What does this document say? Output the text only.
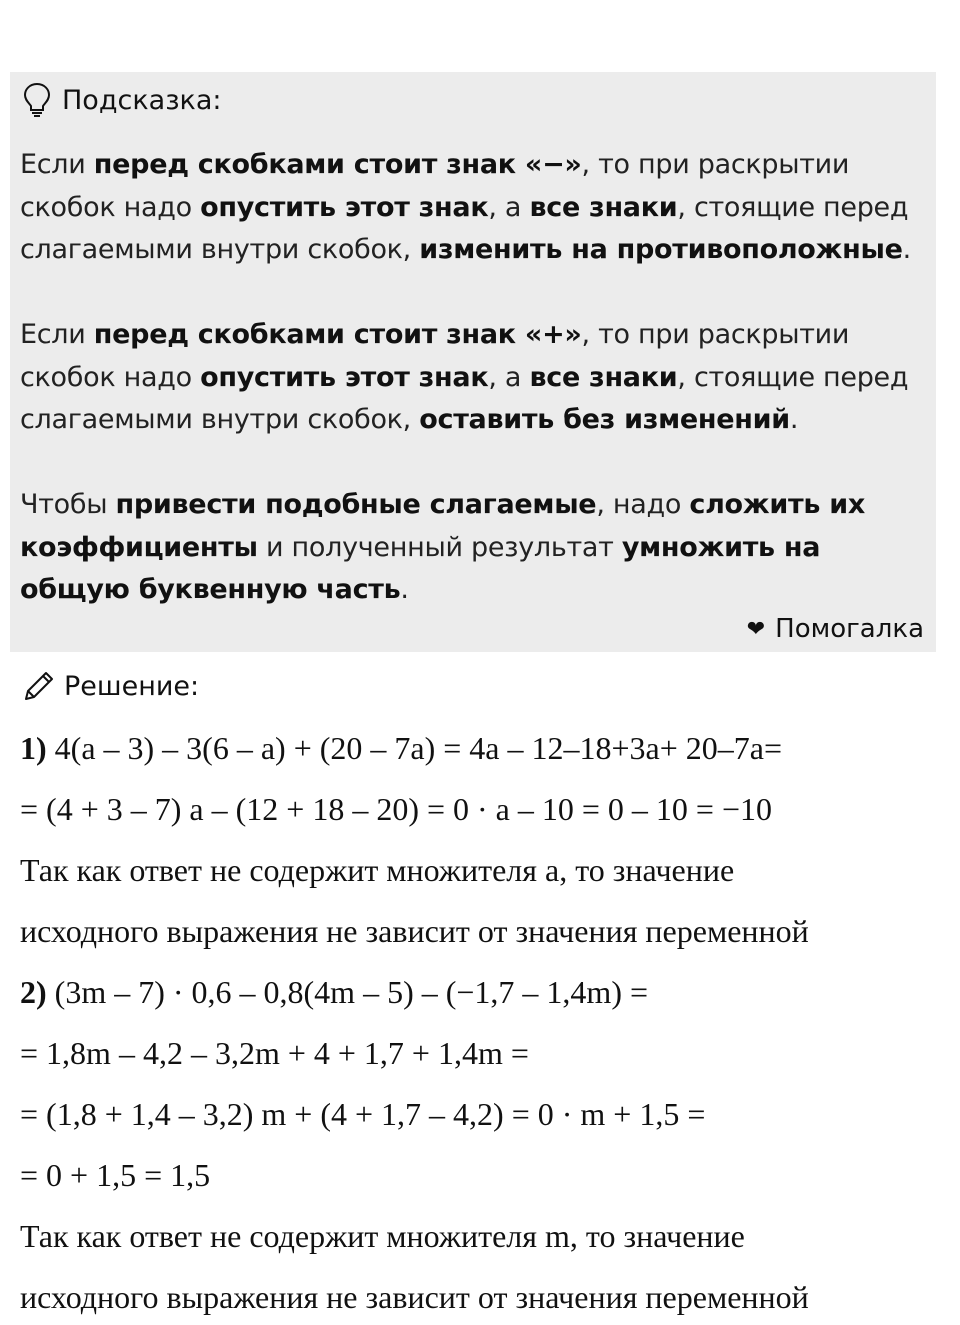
Подсказка:
Если перед скобками стоит знак «−», то при раскрытии скобок надо опустить этот знак, а все знаки, стоящие перед слагаемыми внутри скобок, изменить на противоположные.
Если перед скобками стоит знак «+», то при раскрытии скобок надо опустить этот знак, а все знаки, стоящие перед слагаемыми внутри скобок, оставить без изменений.
Чтобы привести подобные слагаемые, надо сложить их коэффициенты и полученный результат умножить на общую буквенную часть.
❤ Помогалка
Решение:
1) 4(a – 3) – 3(6 – a) + (20 – 7a) = 4a – 12–18+3a+ 20–7a=
= (4 + 3 – 7) a – (12 + 18 – 20) = 0 · a – 10 = 0 – 10 = −10
Так как ответ не содержит множителя a, то значение
исходного выражения не зависит от значения переменной
2) (3m – 7) · 0,6 – 0,8(4m – 5) – (−1,7 – 1,4m) =
= 1,8m – 4,2 – 3,2m + 4 + 1,7 + 1,4m =
= (1,8 + 1,4 – 3,2) m + (4 + 1,7 – 4,2) = 0 · m + 1,5 =
= 0 + 1,5 = 1,5
Так как ответ не содержит множителя m, то значение
исходного выражения не зависит от значения переменной
